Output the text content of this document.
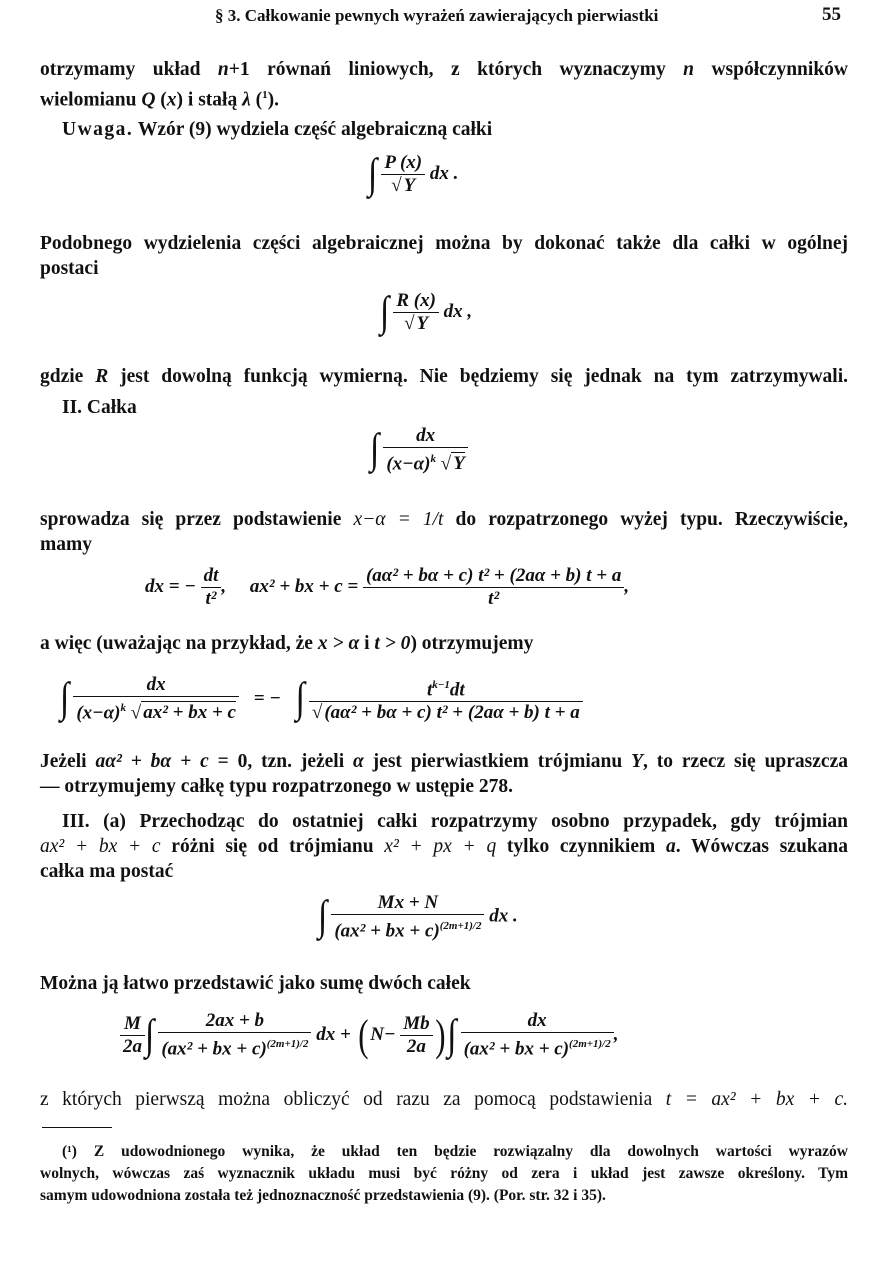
§ 3. Całkowanie pewnych wyrażeń zawierających pierwiastki	55
otrzymamy układ n+1 równań liniowych, z których wyznaczymy n współczynników
wielomianu Q (x) i stałą λ ($^1$).
Uwaga. Wzór (9) wydziela część algebraiczną całki
∫ $\frac{P (x)}{√ Y}$ dx .
Podobnego wydzielenia części algebraicznej można by dokonać także dla całki w ogólnej
postaci
∫ $\frac{R (x)}{√ Y}$ dx ,
gdzie R jest dowolną funkcją wymierną. Nie będziemy się jednak na tym zatrzymywali.
II. Całka
∫ $\frac{dx}{(x-\alpha)^k √ Y}$
sprowadza się przez podstawienie x−α = 1/t do rozpatrzonego wyżej typu. Rzeczywiście,
mamy
dx = − $\frac{dt}{\text{t²}}$ ,     ax² + bx + $c = \frac{\text{(aα² + bα + c) t² + (2aα + b) t + a}}{\text{t²}}$ ,
a więc (uważając na przykład, że x > α i t > 0) otrzymujemy
∫ $\frac{dx}{(x-\alpha)^k √ ax^2 + bx + c}$ = − ∫ $\frac{t^{k-1}dt}{\text{√ (aα² + bα + c) t² + (2aα + b) t + a}}$
Jeżeli aα² + bα + c = 0, tzn. jeżeli α jest pierwiastkiem trójmianu Y, to rzecz się upraszcza
— otrzymujemy całkę typu rozpatrzonego w ustępie 278.
III. (a) Przechodząc do ostatniej całki rozpatrzymy osobno przypadek, gdy trójmian
ax² + bx + c różni się od trójmianu x² + px + q tylko czynnikiem a. Wówczas szukana
całka ma postać
∫ $\frac{Mx + N}{(ax^2 + bx + c)^{(2m+1)/2}}$ dx .
Można ją łatwo przedstawić jako sumę dwóch całek
$\frac{M}{2a}$ ∫ $\frac{2ax + b}{(ax^2 + bx + c)^{(2m+1)/2}}$ dx + ( $N- \frac{Mb}{2a}$ )∫ $\frac{dx}{(ax^2 + bx + c)^{(2m+1)/2}}$ ,
z których pierwszą można obliczyć od razu za pomocą podstawienia t = ax² + bx + c.
(¹) Z udowodnionego wynika, że układ ten będzie rozwiązalny dla dowolnych wartości wyrazów
wolnych, wówczas zaś wyznacznik układu musi być różny od zera i układ jest zawsze określony. Tym
samym udowodniona została też jednoznaczność przedstawienia (9). (Por. str. 32 i 35).
